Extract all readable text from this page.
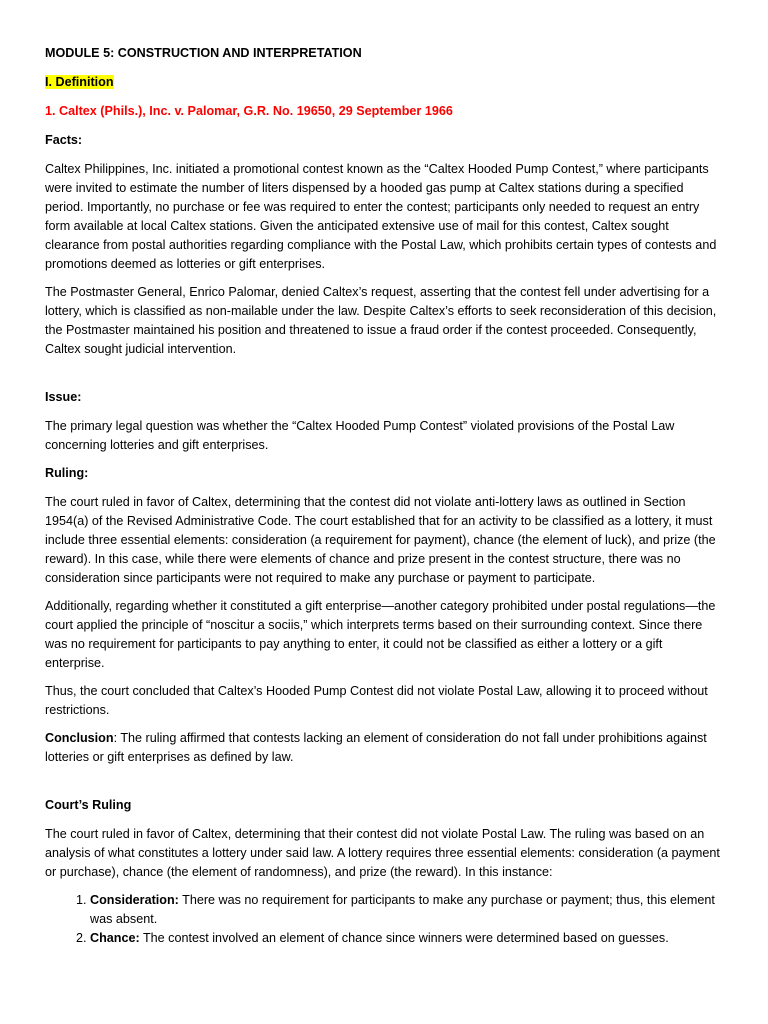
MODULE 5: CONSTRUCTION AND INTERPRETATION

I. Definition

1. Caltex (Phils.), Inc. v. Palomar, G.R. No. 19650, 29 September 1966

Facts:

Caltex Philippines, Inc. initiated a promotional contest known as the “Caltex Hooded Pump Contest,” where participants were invited to estimate the number of liters dispensed by a hooded gas pump at Caltex stations during a specified period. Importantly, no purchase or fee was required to enter the contest; participants only needed to request an entry form available at local Caltex stations. Given the anticipated extensive use of mail for this contest, Caltex sought clearance from postal authorities regarding compliance with the Postal Law, which prohibits certain types of contests and promotions deemed as lotteries or gift enterprises.

The Postmaster General, Enrico Palomar, denied Caltex’s request, asserting that the contest fell under advertising for a lottery, which is classified as non-mailable under the law. Despite Caltex’s efforts to seek reconsideration of this decision, the Postmaster maintained his position and threatened to issue a fraud order if the contest proceeded. Consequently, Caltex sought judicial intervention.

Issue:

The primary legal question was whether the “Caltex Hooded Pump Contest” violated provisions of the Postal Law concerning lotteries and gift enterprises.

Ruling:

The court ruled in favor of Caltex, determining that the contest did not violate anti-lottery laws as outlined in Section 1954(a) of the Revised Administrative Code. The court established that for an activity to be classified as a lottery, it must include three essential elements: consideration (a requirement for payment), chance (the element of luck), and prize (the reward). In this case, while there were elements of chance and prize present in the contest structure, there was no consideration since participants were not required to make any purchase or payment to participate.

Additionally, regarding whether it constituted a gift enterprise—another category prohibited under postal regulations—the court applied the principle of “noscitur a sociis,” which interprets terms based on their surrounding context. Since there was no requirement for participants to pay anything to enter, it could not be classified as either a lottery or a gift enterprise.

Thus, the court concluded that Caltex’s Hooded Pump Contest did not violate Postal Law, allowing it to proceed without restrictions.

Conclusion: The ruling affirmed that contests lacking an element of consideration do not fall under prohibitions against lotteries or gift enterprises as defined by law.

Court’s Ruling

The court ruled in favor of Caltex, determining that their contest did not violate Postal Law. The ruling was based on an analysis of what constitutes a lottery under said law. A lottery requires three essential elements: consideration (a payment or purchase), chance (the element of randomness), and prize (the reward). In this instance:

1. Consideration: There was no requirement for participants to make any purchase or payment; thus, this element was absent.
2. Chance: The contest involved an element of chance since winners were determined based on guesses.
